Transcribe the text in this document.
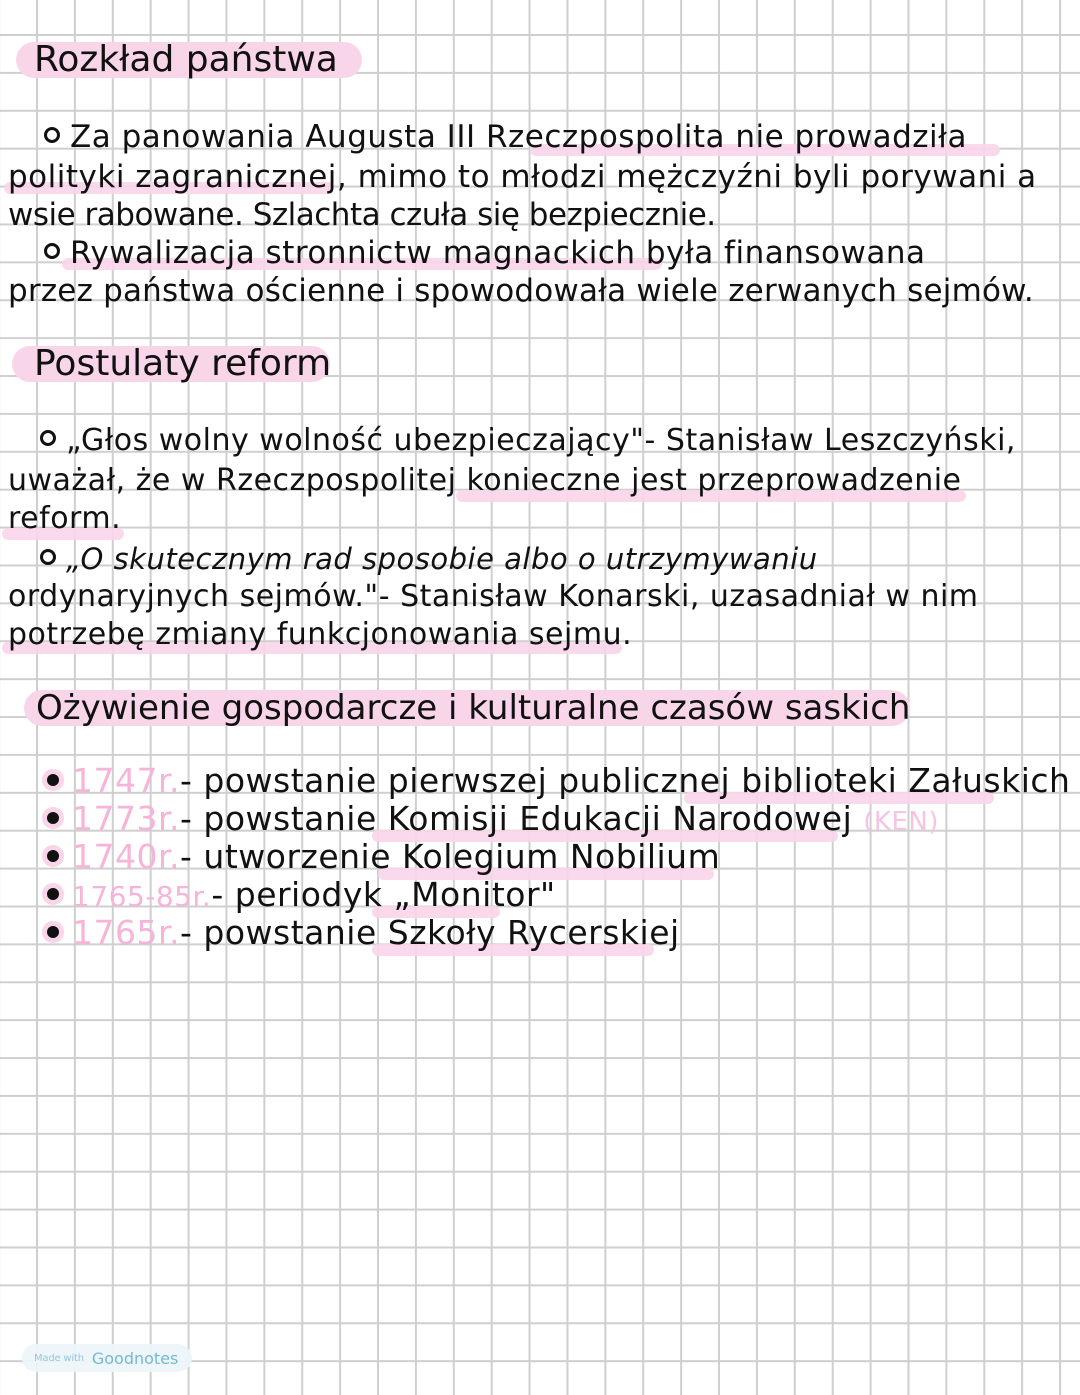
Rozkład państwa
Za panowania Augusta III Rzeczpospolita nie prowadziła
polityki zagranicznej, mimo to młodzi mężczyźni byli porywani a
wsie rabowane. Szlachta czuła się bezpiecznie.
Rywalizacja stronnictw magnackich była finansowana
przez państwa ościenne i spowodowała wiele zerwanych sejmów.
Postulaty reform
„Głos wolny wolność ubezpieczający"- Stanisław Leszczyński,
uważał, że w Rzeczpospolitej konieczne jest przeprowadzenie
reform.
„O skutecznym rad sposobie albo o utrzymywaniu
ordynaryjnych sejmów."- Stanisław Konarski, uzasadniał w nim
potrzebę zmiany funkcjonowania sejmu.
Ożywienie gospodarcze i kulturalne czasów saskich
1747r.- powstanie pierwszej publicznej biblioteki Załuskich
1773r.- powstanie Komisji Edukacji Narodowej (KEN)
1740r.- utworzenie Kolegium Nobilium
1765-85r.- periodyk „Monitor"
1765r.- powstanie Szkoły Rycerskiej
Made with Goodnotes
